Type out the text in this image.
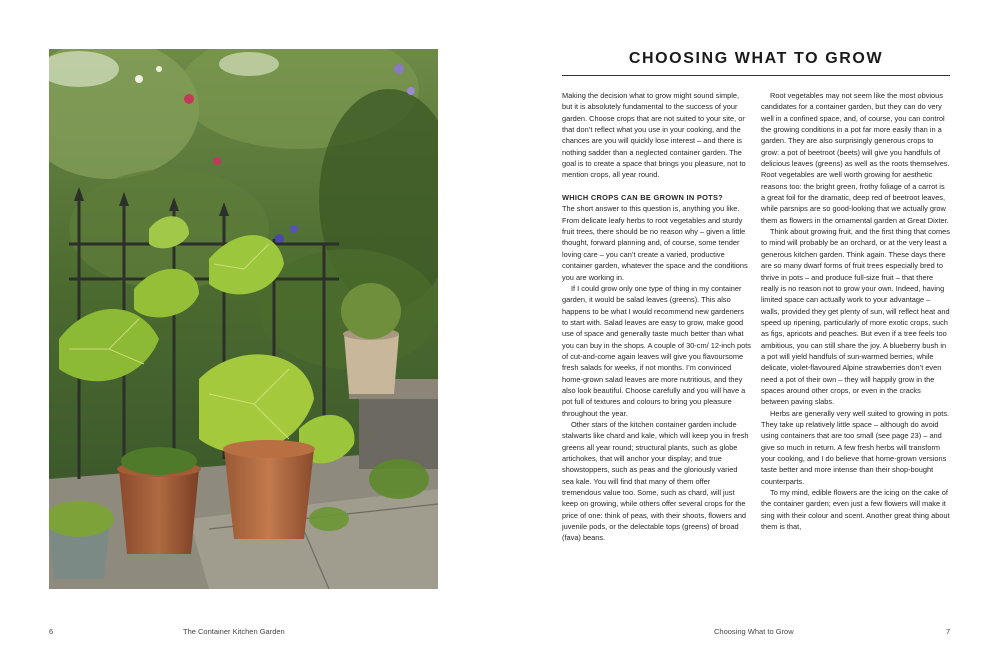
CHOOSING WHAT TO GROW

Making the decision what to grow might sound simple, but it is absolutely fundamental to the success of your garden. Choose crops that are not suited to your site, or that don’t reflect what you use in your cooking, and the chances are you will quickly lose interest – and there is nothing sadder than a neglected container garden. The goal is to create a space that brings you pleasure, not to mention crops, all year round.

WHICH CROPS CAN BE GROWN IN POTS?

The short answer to this question is, anything you like. From delicate leafy herbs to root vegetables and sturdy fruit trees, there should be no reason why – given a little thought, forward planning and, of course, some tender loving care – you can’t create a varied, productive container garden, whatever the space and the conditions you are working in.

If I could grow only one type of thing in my container garden, it would be salad leaves (greens). This also happens to be what I would recommend new gardeners to start with. Salad leaves are easy to grow, make good use of space and generally taste much better than what you can buy in the shops. A couple of 30-cm/ 12-inch pots of cut-and-come again leaves will give you flavoursome fresh salads for weeks, if not months. I’m convinced home-grown salad leaves are more nutritious, and they also look beautiful. Choose carefully and you will have a pot full of textures and colours to bring you pleasure throughout the year.

Other stars of the kitchen container garden include stalwarts like chard and kale, which will keep you in fresh greens all year round; structural plants, such as globe artichokes, that will anchor your display; and true showstoppers, such as peas and the gloriously varied sea kale. You will find that many of them offer tremendous value too. Some, such as chard, will just keep on growing, while others offer several crops for the price of one: think of peas, with their shoots, flowers and juvenile pods, or the delectable tops (greens) of broad (fava) beans.

Root vegetables may not seem like the most obvious candidates for a container garden, but they can do very well in a confined space, and, of course, you can control the growing conditions in a pot far more easily than in a garden. They are also surprisingly generous crops to grow: a pot of beetroot (beets) will give you handfuls of delicious leaves (greens) as well as the roots themselves. Root vegetables are well worth growing for aesthetic reasons too: the bright green, frothy foliage of a carrot is a great foil for the dramatic, deep red of beetroot leaves, while parsnips are so good-looking that we actually grow them as flowers in the ornamental garden at Great Dixter.

Think about growing fruit, and the first thing that comes to mind will probably be an orchard, or at the very least a generous kitchen garden. Think again. These days there are so many dwarf forms of fruit trees especially bred to thrive in pots – and produce full-size fruit – that there really is no reason not to grow your own. Indeed, having limited space can actually work to your advantage – walls, provided they get plenty of sun, will reflect heat and speed up ripening, particularly of more exotic crops, such as figs, apricots and peaches. But even if a tree feels too ambitious, you can still share the joy. A blueberry bush in a pot will yield handfuls of sun-warmed berries, while delicate, violet-flavoured Alpine strawberries don’t even need a pot of their own – they will happily grow in the spaces around other crops, or even in the cracks between paving slabs.

Herbs are generally very well suited to growing in pots. They take up relatively little space – although do avoid using containers that are too small (see page 23) – and give so much in return. A few fresh herbs will transform your cooking, and I do believe that home-grown versions taste better and more intense than their shop-bought counterparts.

To my mind, edible flowers are the icing on the cake of the container garden; even just a few flowers will make it sing with their colour and scent. Another great thing about them is that,

6	The Container Kitchen Garden	Choosing What to Grow	7
